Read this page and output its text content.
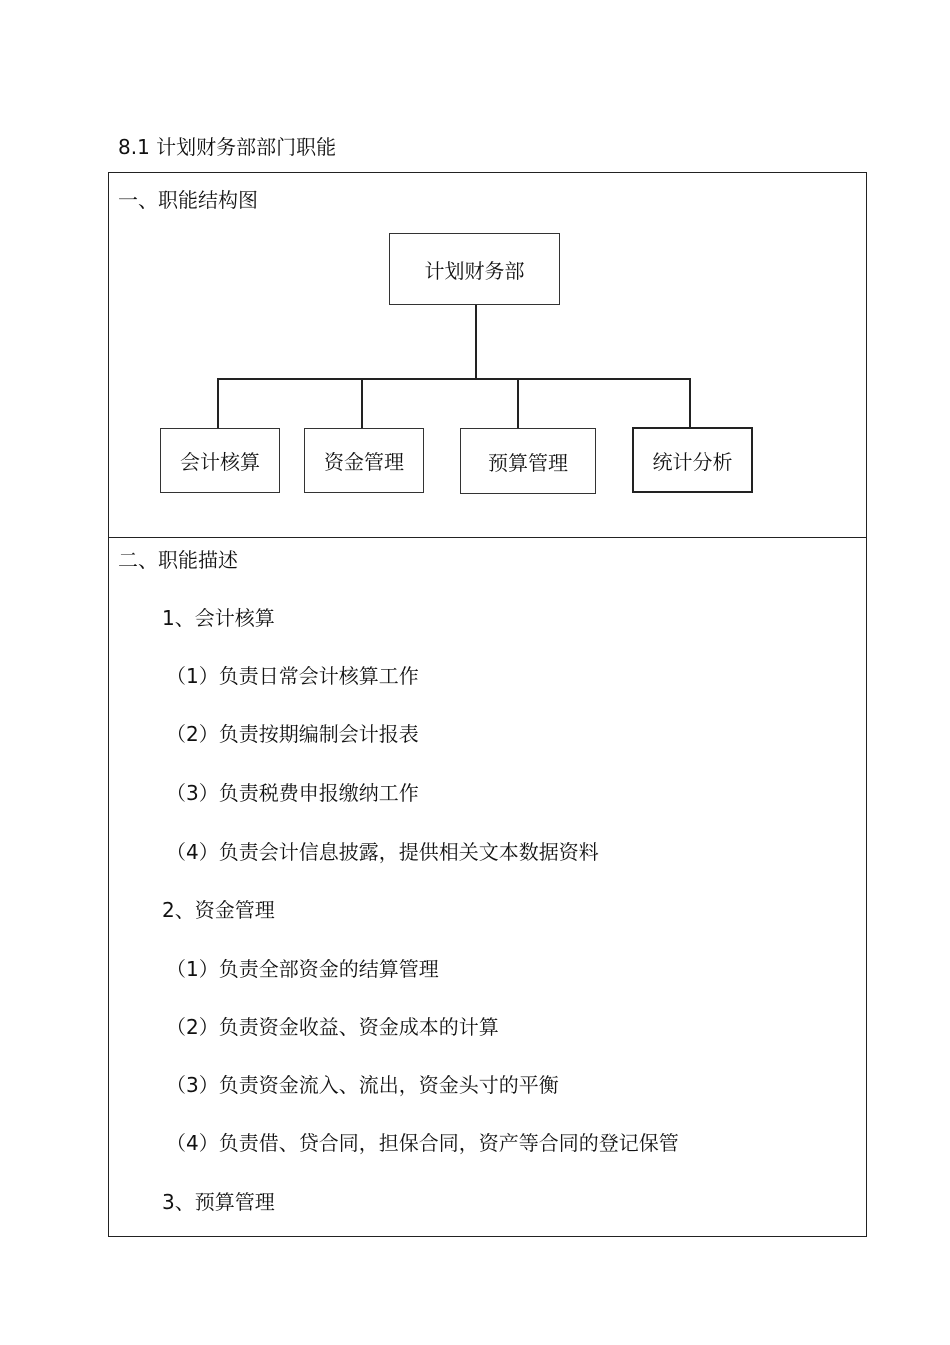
8.1 计划财务部部门职能
一、职能结构图
计划财务部
会计核算	资金管理	预算管理	统计分析
二、职能描述
1、会计核算
（1）负责日常会计核算工作
（2）负责按期编制会计报表
（3）负责税费申报缴纳工作
（4）负责会计信息披露，提供相关文本数据资料
2、资金管理
（1）负责全部资金的结算管理
（2）负责资金收益、资金成本的计算
（3）负责资金流入、流出，资金头寸的平衡
（4）负责借、贷合同，担保合同，资产等合同的登记保管
3、预算管理
